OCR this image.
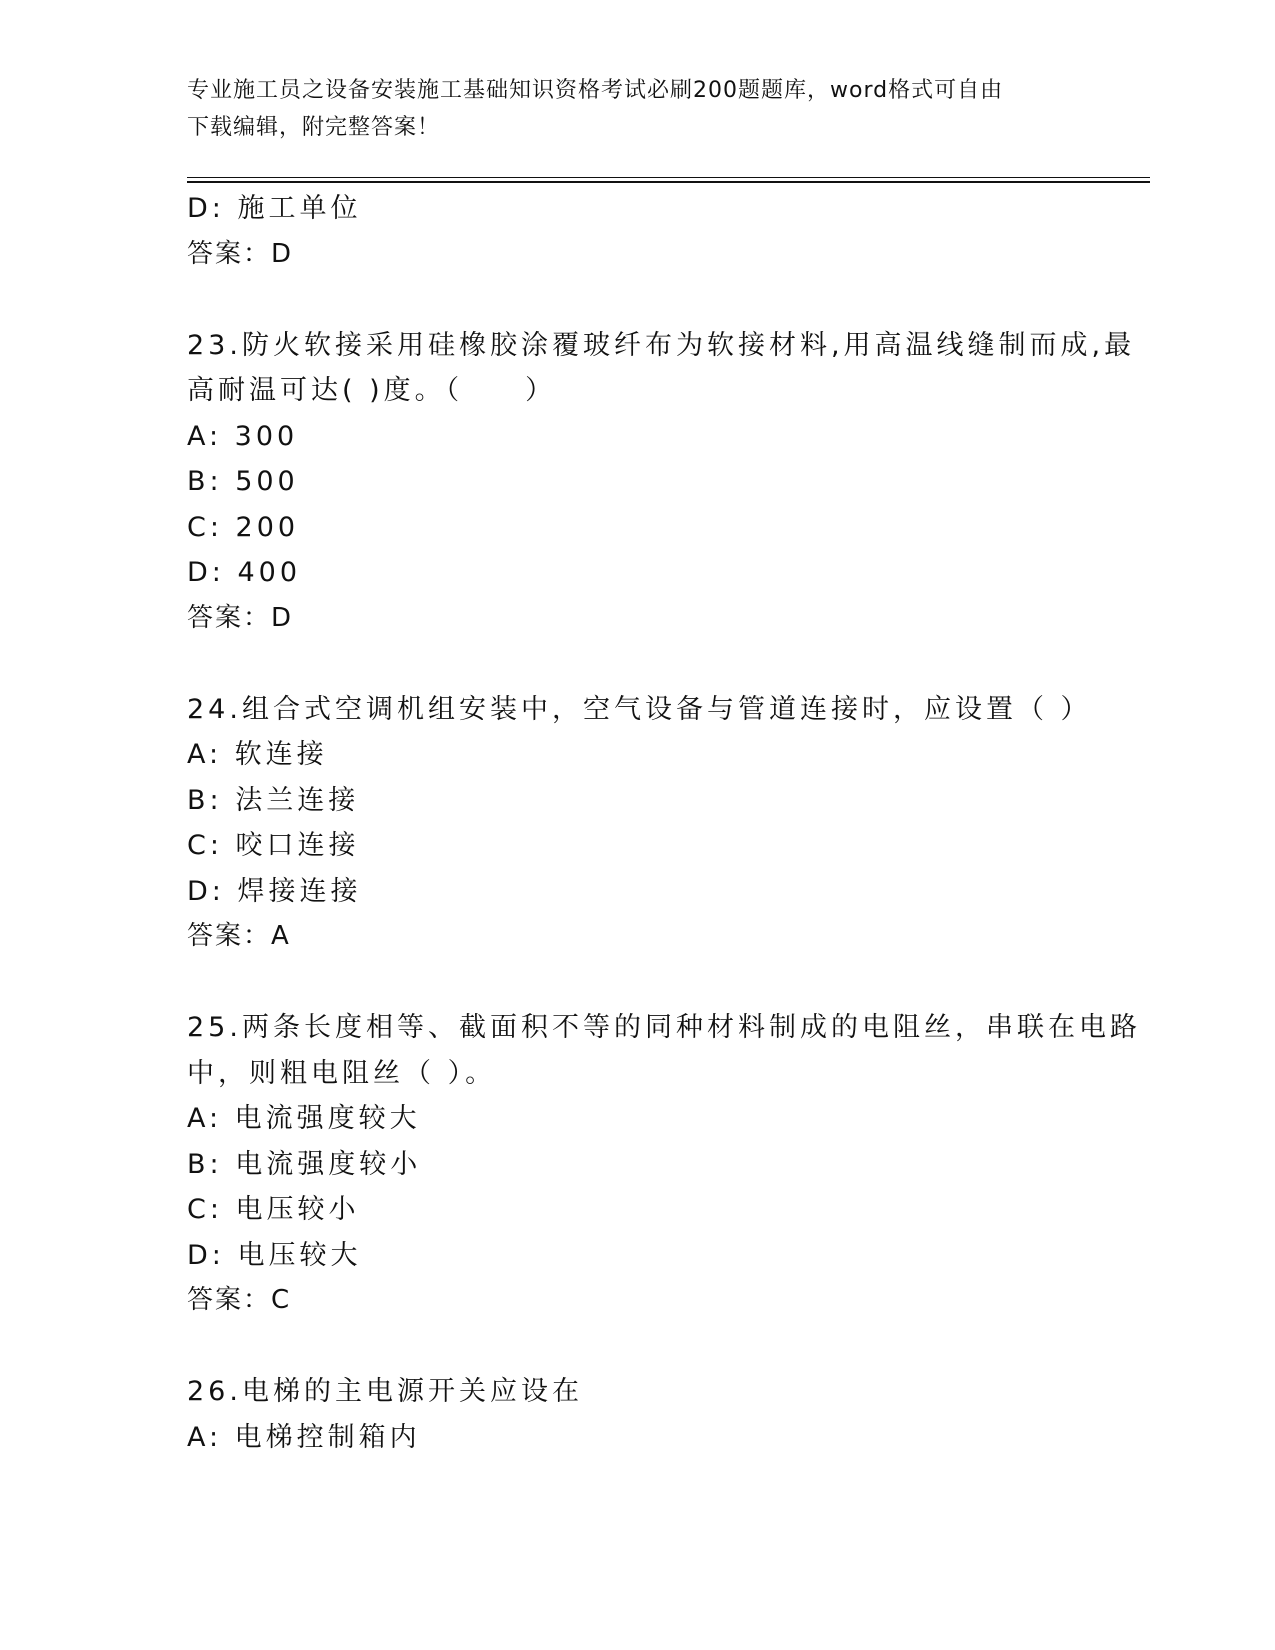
专业施工员之设备安装施工基础知识资格考试必刷200题题库，word格式可自由
下载编辑，附完整答案！
D: 施工单位
答案：D
23.防火软接采用硅橡胶涂覆玻纤布为软接材料,用高温线缝制而成,最
高耐温可达( )度。（　　）
A: 300
B: 500
C: 200
D: 400
答案：D
24.组合式空调机组安装中，空气设备与管道连接时，应设置（ ）
A: 软连接
B: 法兰连接
C: 咬口连接
D: 焊接连接
答案：A
25.两条长度相等、截面积不等的同种材料制成的电阻丝，串联在电路
中，则粗电阻丝（ ）。
A: 电流强度较大
B: 电流强度较小
C: 电压较小
D: 电压较大
答案：C
26.电梯的主电源开关应设在
A: 电梯控制箱内
